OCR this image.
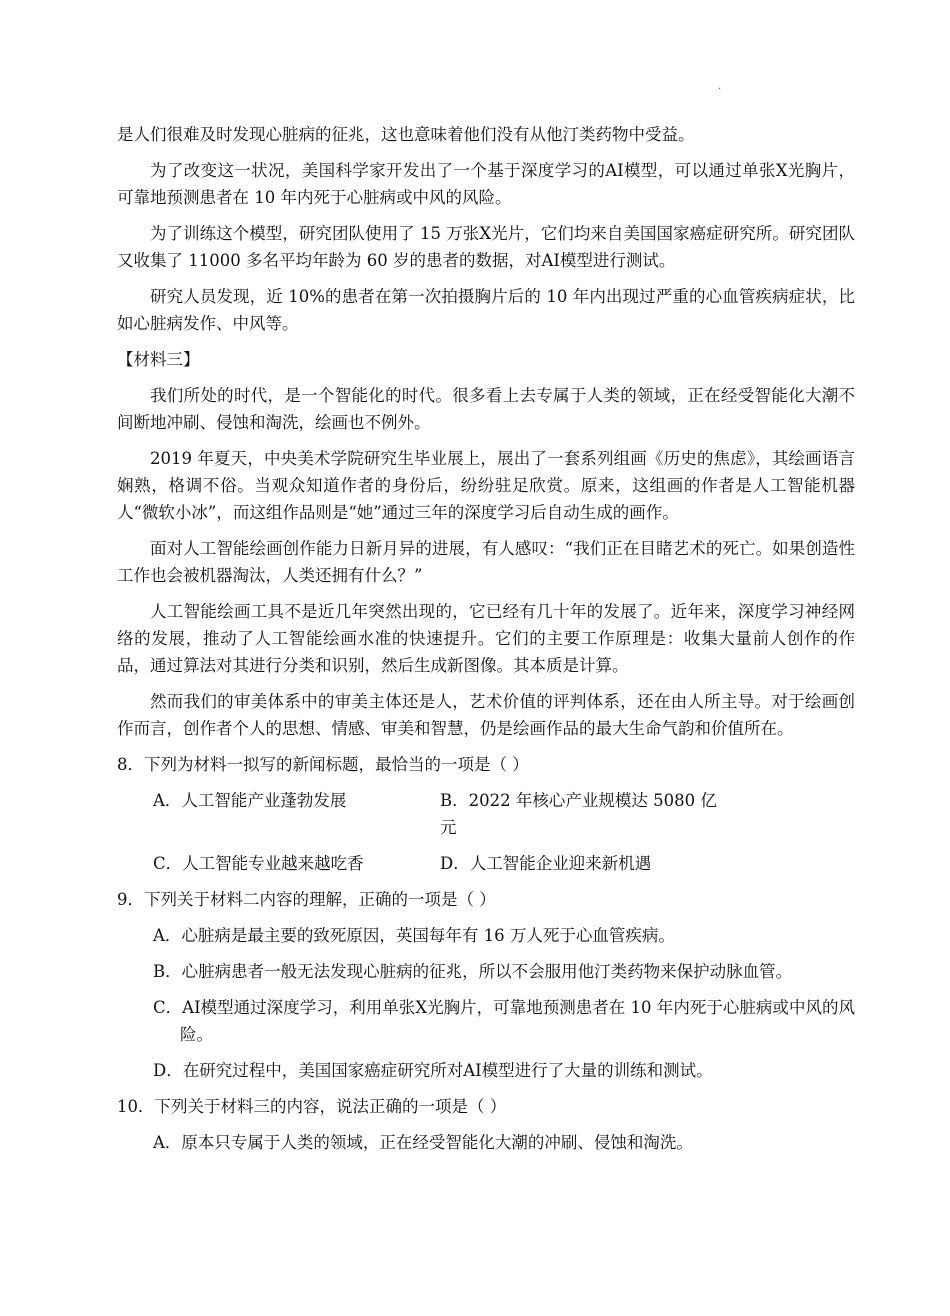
.

是人们很难及时发现心脏病的征兆，这也意味着他们没有从他汀类药物中受益。

为了改变这一状况，美国科学家开发出了一个基于深度学习的AI模型，可以通过单张X光胸片，可靠地预测患者在 10 年内死于心脏病或中风的风险。

为了训练这个模型，研究团队使用了 15 万张X光片，它们均来自美国国家癌症研究所。研究团队又收集了 11000 多名平均年龄为 60 岁的患者的数据，对AI模型进行测试。

研究人员发现，近 10%的患者在第一次拍摄胸片后的 10 年内出现过严重的心血管疾病症状，比如心脏病发作、中风等。

【材料三】

我们所处的时代，是一个智能化的时代。很多看上去专属于人类的领域，正在经受智能化大潮不间断地冲刷、侵蚀和淘洗，绘画也不例外。

2019 年夏天，中央美术学院研究生毕业展上，展出了一套系列组画《历史的焦虑》，其绘画语言娴熟，格调不俗。当观众知道作者的身份后，纷纷驻足欣赏。原来，这组画的作者是人工智能机器人“微软小冰”，而这组作品则是“她”通过三年的深度学习后自动生成的画作。

面对人工智能绘画创作能力日新月异的进展，有人感叹：“我们正在目睹艺术的死亡。如果创造性工作也会被机器淘汰，人类还拥有什么？”

人工智能绘画工具不是近几年突然出现的，它已经有几十年的发展了。近年来，深度学习神经网络的发展，推动了人工智能绘画水准的快速提升。它们的主要工作原理是：收集大量前人创作的作品，通过算法对其进行分类和识别，然后生成新图像。其本质是计算。

然而我们的审美体系中的审美主体还是人，艺术价值的评判体系，还在由人所主导。对于绘画创作而言，创作者个人的思想、情感、审美和智慧，仍是绘画作品的最大生命气韵和价值所在。

8．下列为材料一拟写的新闻标题，最恰当的一项是（ ）

A．人工智能产业蓬勃发展	B．2022 年核心产业规模达 5080 亿元
C．人工智能专业越来越吃香	D．人工智能企业迎来新机遇

9．下列关于材料二内容的理解，正确的一项是（ ）

A．心脏病是最主要的致死原因，英国每年有 16 万人死于心血管疾病。

B．心脏病患者一般无法发现心脏病的征兆，所以不会服用他汀类药物来保护动脉血管。

C．AI模型通过深度学习，利用单张X光胸片，可靠地预测患者在 10 年内死于心脏病或中风的风险。

D．在研究过程中，美国国家癌症研究所对AI模型进行了大量的训练和测试。

10．下列关于材料三的内容，说法正确的一项是（ ）

A．原本只专属于人类的领域，正在经受智能化大潮的冲刷、侵蚀和淘洗。
